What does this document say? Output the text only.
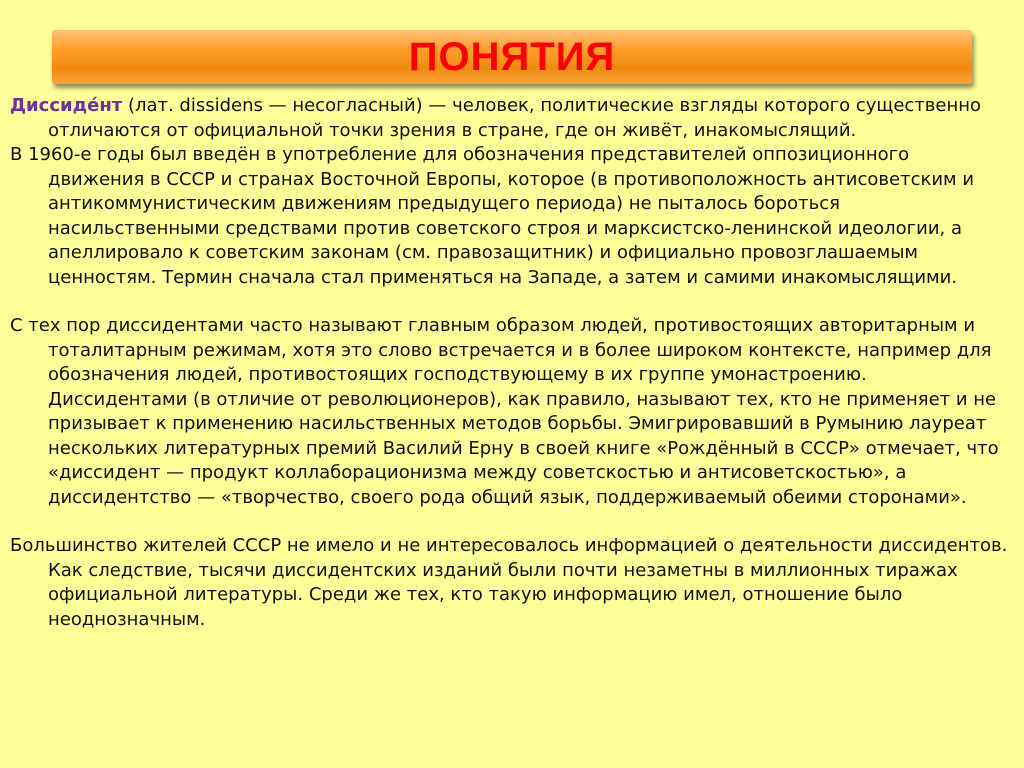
ПОНЯТИЯ

Диссиде́нт (лат. dissidens — несогласный) — человек, политические взгляды которого существенно отличаются от официальной точки зрения в стране, где он живёт, инакомыслящий.

В 1960-е годы был введён в употребление для обозначения представителей оппозиционного движения в СССР и странах Восточной Европы, которое (в противоположность антисоветским и антикоммунистическим движениям предыдущего периода) не пыталось бороться насильственными средствами против советского строя и марксистско-ленинской идеологии, а апеллировало к советским законам (см. правозащитник) и официально провозглашаемым ценностям. Термин сначала стал применяться на Западе, а затем и самими инакомыслящими.

С тех пор диссидентами часто называют главным образом людей, противостоящих авторитарным и тоталитарным режимам, хотя это слово встречается и в более широком контексте, например для обозначения людей, противостоящих господствующему в их группе умонастроению. Диссидентами (в отличие от революционеров), как правило, называют тех, кто не применяет и не призывает к применению насильственных методов борьбы. Эмигрировавший в Румынию лауреат нескольких литературных премий Василий Ерну в своей книге «Рождённый в СССР» отмечает, что «диссидент — продукт коллаборационизма между советскостью и антисоветскостью», а диссидентство — «творчество, своего рода общий язык, поддерживаемый обеими сторонами».

Большинство жителей СССР не имело и не интересовалось информацией о деятельности диссидентов. Как следствие, тысячи диссидентских изданий были почти незаметны в миллионных тиражах официальной литературы. Среди же тех, кто такую информацию имел, отношение было неоднозначным.
